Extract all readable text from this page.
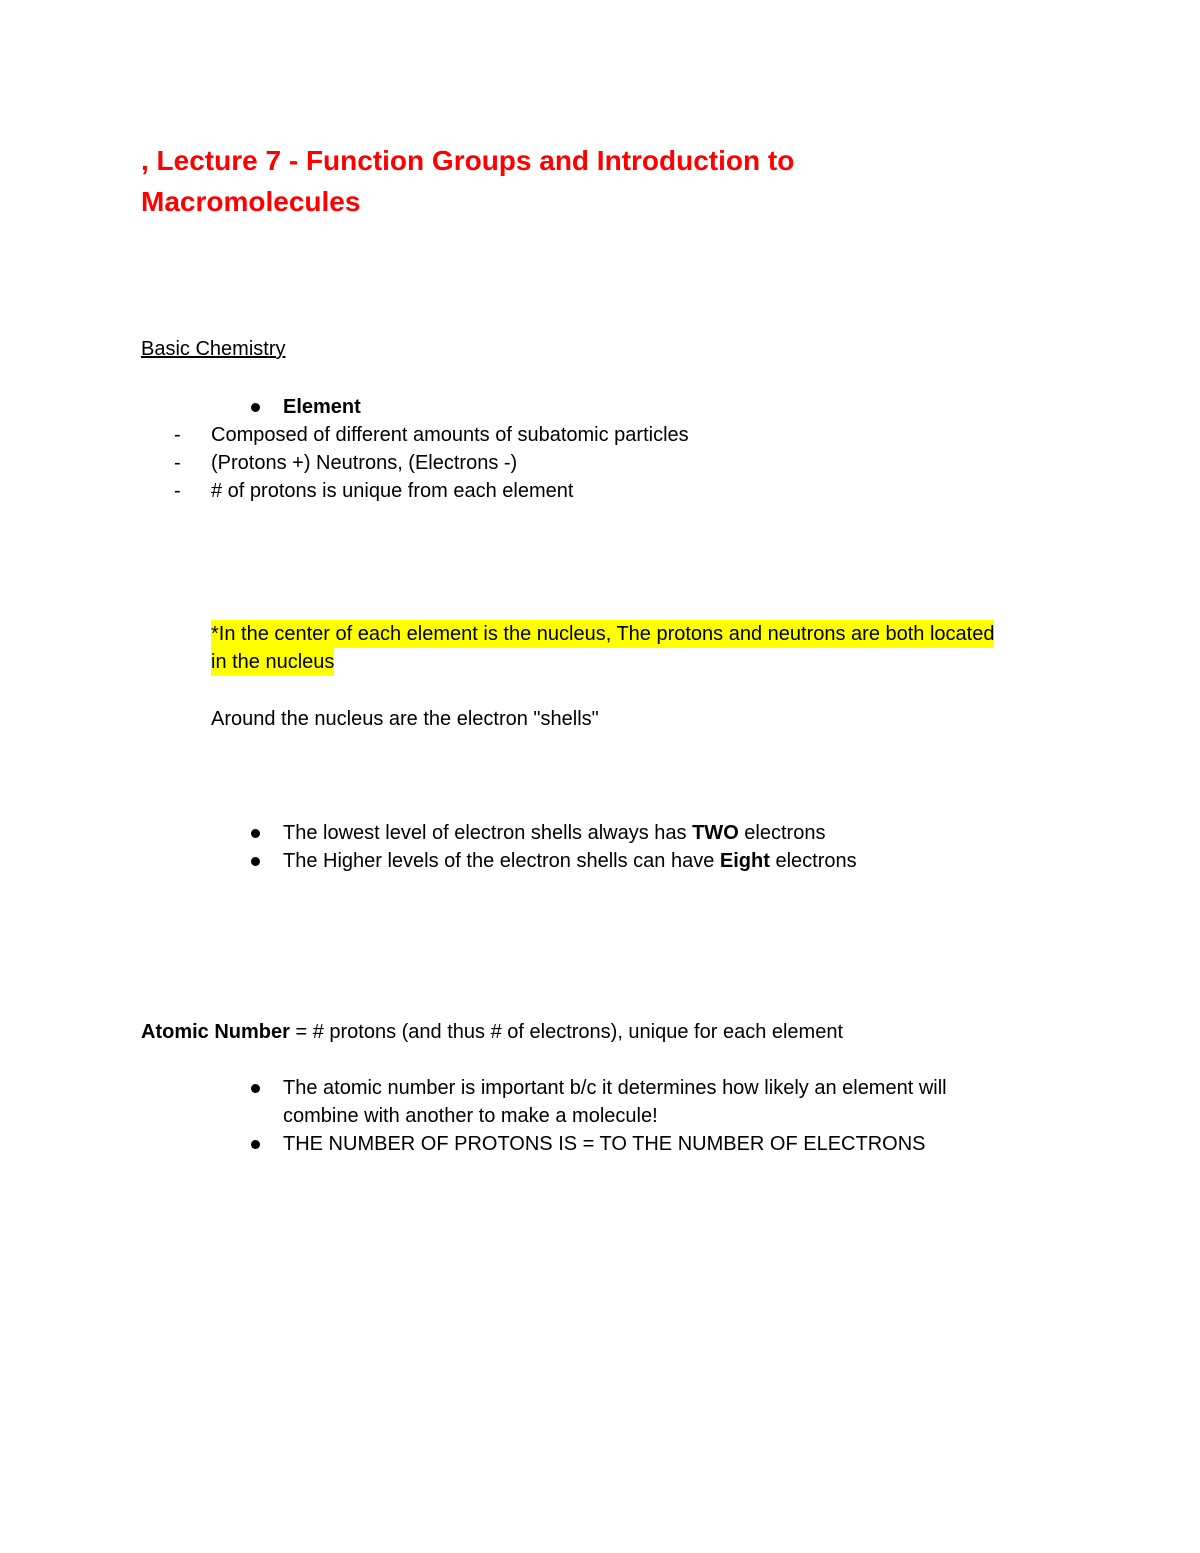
, Lecture 7 - Function Groups and Introduction to
Macromolecules
Basic Chemistry
Element
- Composed of different amounts of subatomic particles
- (Protons +) Neutrons, (Electrons -)
- # of protons is unique from each element
*In the center of each element is the nucleus, The protons and neutrons are both located
in the nucleus
Around the nucleus are the electron "shells"
The lowest level of electron shells always has TWO electrons
The Higher levels of the electron shells can have Eight electrons
Atomic Number = # protons (and thus # of electrons), unique for each element
The atomic number is important b/c it determines how likely an element will
combine with another to make a molecule!
THE NUMBER OF PROTONS IS = TO THE NUMBER OF ELECTRONS
